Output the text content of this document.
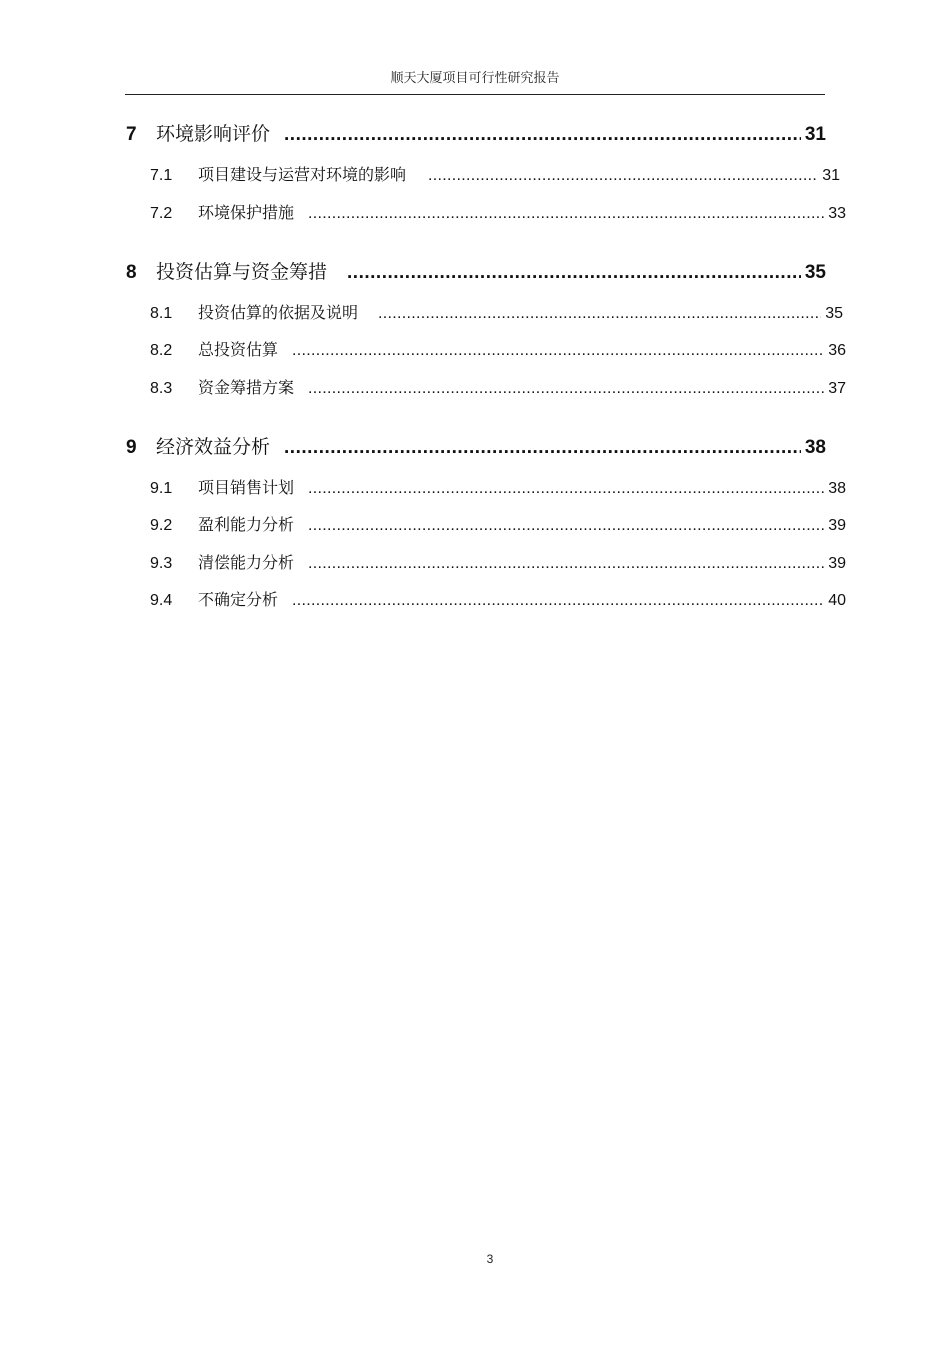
顺天大厦项目可行性研究报告
7	环境影响评价 .....	31
7.1	项目建设与运营对环境的影响 .....	31
7.2	环境保护措施 .....	33
8	投资估算与资金筹措 .....	35
8.1	投资估算的依据及说明 .....	35
8.2	总投资估算 .....	36
8.3	资金筹措方案 .....	37
9	经济效益分析 .....	38
9.1	项目销售计划 .....	38
9.2	盈利能力分析 .....	39
9.3	清偿能力分析 .....	39
9.4	不确定分析 .....	40
3
